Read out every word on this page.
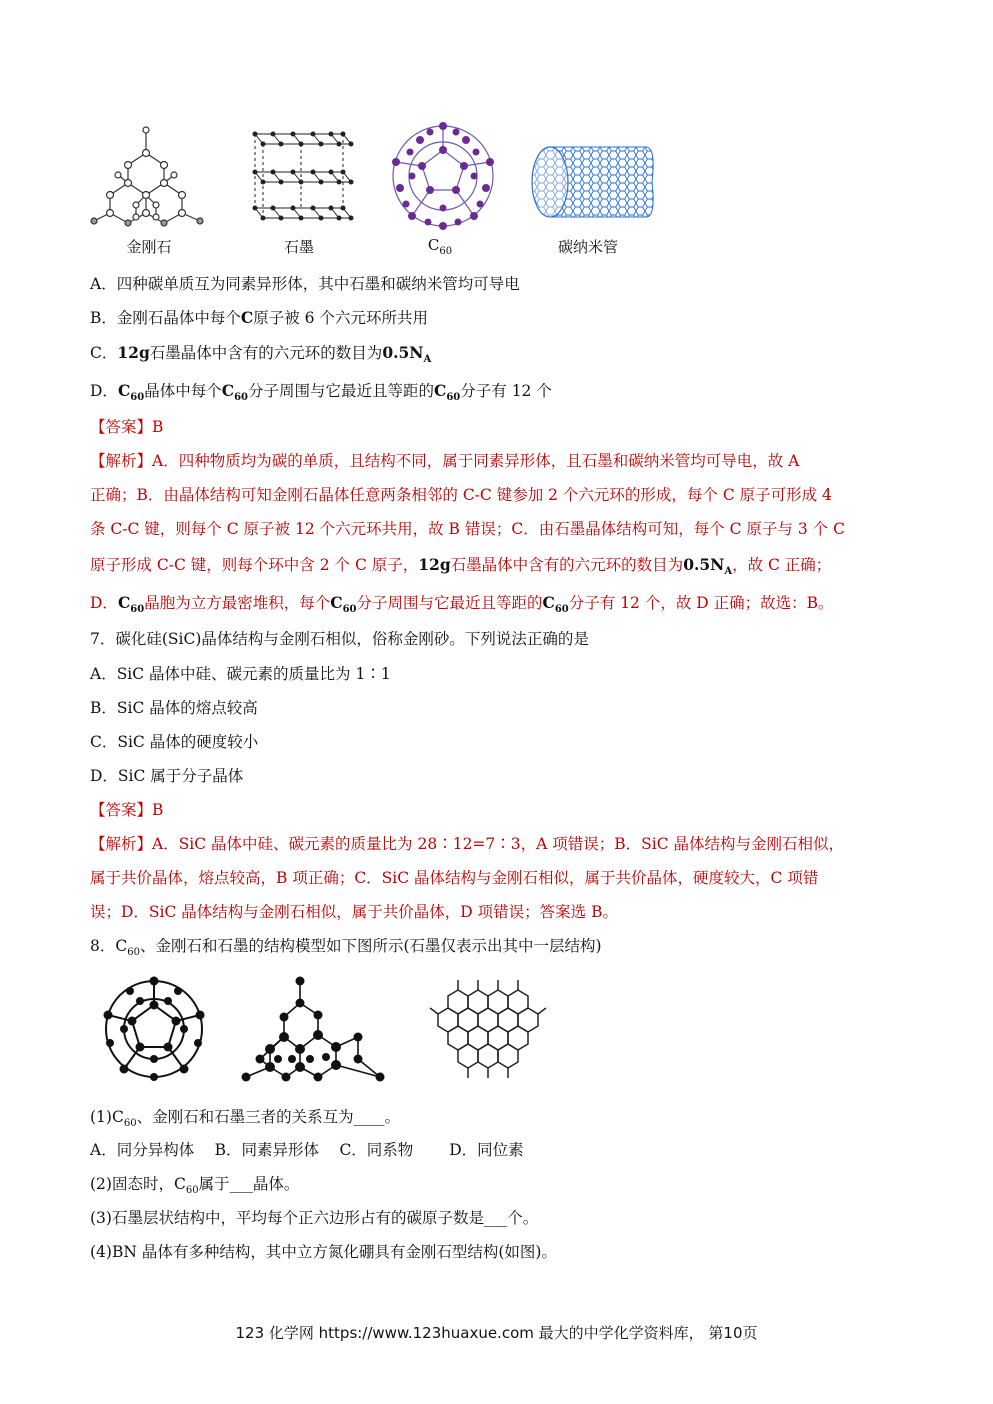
金刚石	石墨	$C_{60}$	碳纳米管
A．四种碳单质互为同素异形体，其中石墨和碳纳米管均可导电
B．金刚石晶体中每个C原子被 6 个六元环所共用
C．12g石墨晶体中含有的六元环的数目为$0.5N_A$
D．$C_{60}$晶体中每个$C_{60}$分子周围与它最近且等距的$C_{60}$分子有 12 个
【答案】B
【解析】A．四种物质均为碳的单质，且结构不同，属于同素异形体，且石墨和碳纳米管均可导电，故 A
正确；B．由晶体结构可知金刚石晶体任意两条相邻的 C-C 键参加 2 个六元环的形成，每个 C 原子可形成 4
条 C-C 键，则每个 C 原子被 12 个六元环共用，故 B 错误；C．由石墨晶体结构可知，每个 C 原子与 3 个 C
原子形成 C-C 键，则每个环中含 2 个 C 原子，12g石墨晶体中含有的六元环的数目为$0.5N_A$，故 C 正确；
D．$C_{60}$晶胞为立方最密堆积，每个$C_{60}$分子周围与它最近且等距的$C_{60}$分子有 12 个，故 D 正确；故选：B。
7．碳化硅(SiC)晶体结构与金刚石相似，俗称金刚砂。下列说法正确的是
A．SiC 晶体中硅、碳元素的质量比为 1∶1
B．SiC 晶体的熔点较高
C．SiC 晶体的硬度较小
D．SiC 属于分子晶体
【答案】B
【解析】A．SiC 晶体中硅、碳元素的质量比为 28∶12=7∶3，A 项错误；B．SiC 晶体结构与金刚石相似，
属于共价晶体，熔点较高，B 项正确；C．SiC 晶体结构与金刚石相似，属于共价晶体，硬度较大，C 项错
误；D．SiC 晶体结构与金刚石相似，属于共价晶体，D 项错误；答案选 B。
8．$C_{60}$、金刚石和石墨的结构模型如下图所示(石墨仅表示出其中一层结构)
$(1)C_{60}$、金刚石和石墨三者的关系互为____。
A．同分异构体　 B．同素异形体　 C．同系物　　 D．同位素
(2)固态时，$C_{60}$属于___晶体。
(3)石墨层状结构中，平均每个正六边形占有的碳原子数是___个。
(4)BN 晶体有多种结构，其中立方氮化硼具有金刚石型结构(如图)。
123 化学网 https://www.123huaxue.com 最大的中学化学资料库， 第10页
